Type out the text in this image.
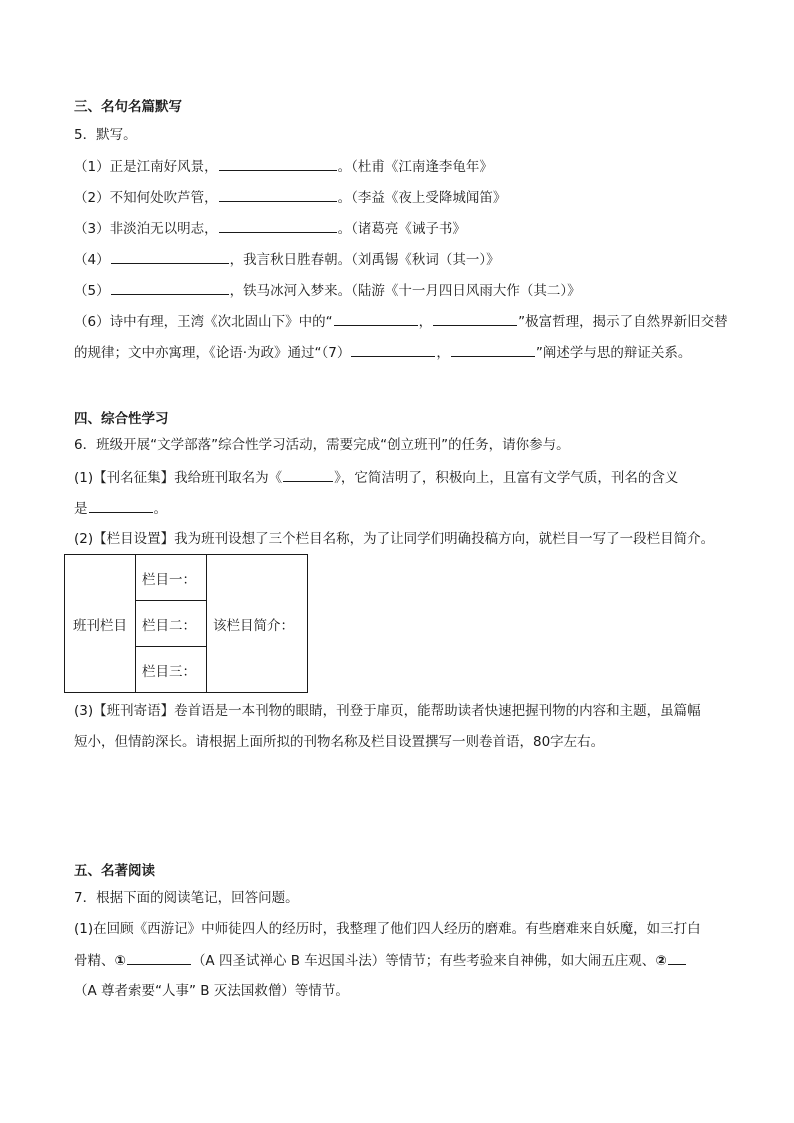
三、名句名篇默写
5．默写。
（1）正是江南好风景，	。（杜甫《江南逢李龟年》
（2）不知何处吹芦管，	。（李益《夜上受降城闻笛》
（3）非淡泊无以明志，	。（诸葛亮《诫子书》
（4）	，我言秋日胜春朝。（刘禹锡《秋词（其一）》
（5）	，铁马冰河入梦来。（陆游《十一月四日风雨大作（其二）》
（6）诗中有理，王湾《次北固山下》中的“	，	”极富哲理，揭示了自然界新旧交替
的规律；文中亦寓理，《论语·为政》通过“（7）	，	”阐述学与思的辩证关系。
四、综合性学习
6．班级开展“文学部落”综合性学习活动，需要完成“创立班刊”的任务，请你参与。
(1)【刊名征集】我给班刊取名为《	》，它简洁明了，积极向上，且富有文学气质，刊名的含义
是	。
(2)【栏目设置】我为班刊设想了三个栏目名称，为了让同学们明确投稿方向，就栏目一写了一段栏目简介。
班刊栏目	栏目一：	该栏目简介：
栏目二：
栏目三：
(3)【班刊寄语】卷首语是一本刊物的眼睛，刊登于扉页，能帮助读者快速把握刊物的内容和主题，虽篇幅
短小，但情韵深长。请根据上面所拟的刊物名称及栏目设置撰写一则卷首语，80字左右。
五、名著阅读
7．根据下面的阅读笔记，回答问题。
(1)在回顾《西游记》中师徒四人的经历时，我整理了他们四人经历的磨难。有些磨难来自妖魔，如三打白
骨精、①	（A 四圣试禅心 B 车迟国斗法）等情节；有些考验来自神佛，如大闹五庄观、②
（A 尊者索要“人事” B 灭法国救僧）等情节。
